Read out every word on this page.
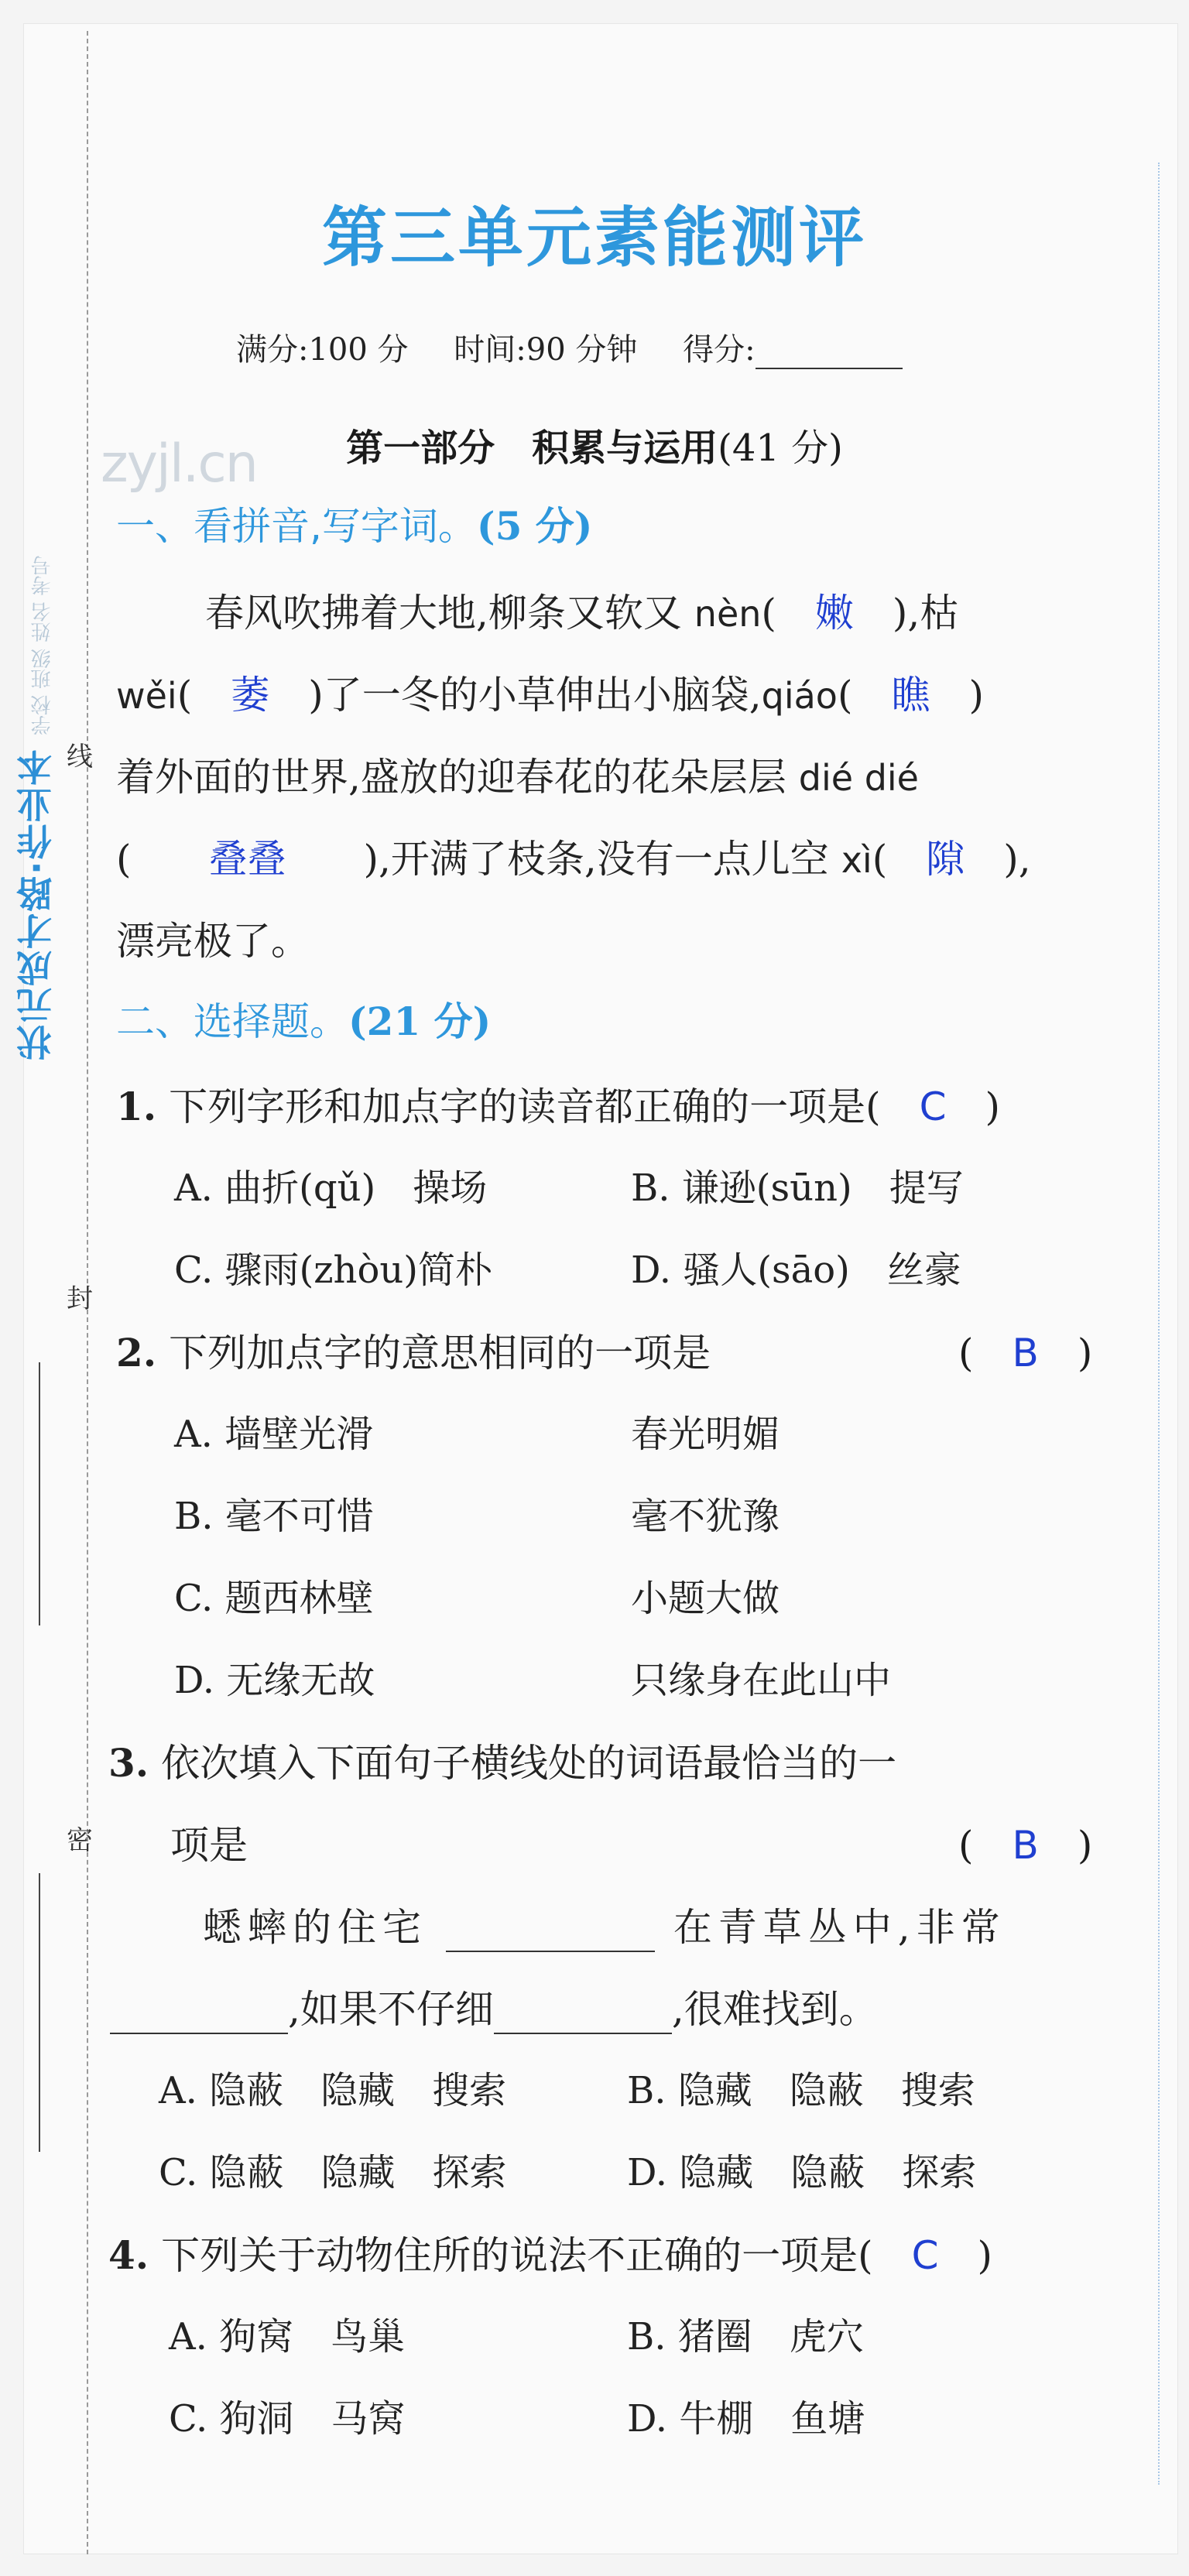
学校 班级 姓名 考号
状元成才路·作业本 线
封
密
zyjl.cn
第三单元素能测评
满分:100 分 时间:90 分钟 得分:
第一部分　积累与运用(41 分)
一、看拼音,写字词。(5 分)
春风吹拂着大地,柳条又软又 nèn(　嫩　 ),枯
wěi(　萎　 )了一冬的小草伸出小脑袋,qiáo(　瞧　)
着外面的世界,盛放的迎春花的花朵层层 dié dié
(　　叠叠　　 ),开满了枝条,没有一点儿空 xì(　隙　),
漂亮极了。
二、选择题。(21 分)
1. 下列字形和加点字的读音都正确的一项是(　C　)
A. 曲折(qǔ)　操场	B. 谦逊(sūn)　提写
C. 骤雨(zhòu)简朴	D. 骚人(sāo)　丝豪
2. 下列加点字的意思相同的一项是	(　B　)
A. 墙壁光滑	春光明媚
B. 毫不可惜	毫不犹豫
C. 题西林壁	小题大做
D. 无缘无故	只缘身在此山中
3. 依次填入下面句子横线处的词语最恰当的一
项是	(　B　)
蟋蟀的住宅	在青草丛中,非常
,如果不仔细	,很难找到。
A. 隐蔽　隐藏　搜索	B. 隐藏　隐蔽　搜索
C. 隐蔽　隐藏　探索	D. 隐藏　隐蔽　探索
4. 下列关于动物住所的说法不正确的一项是(　C　)
A. 狗窝　鸟巢	B. 猪圈　虎穴
C. 狗洞　马窝	D. 牛棚　鱼塘
